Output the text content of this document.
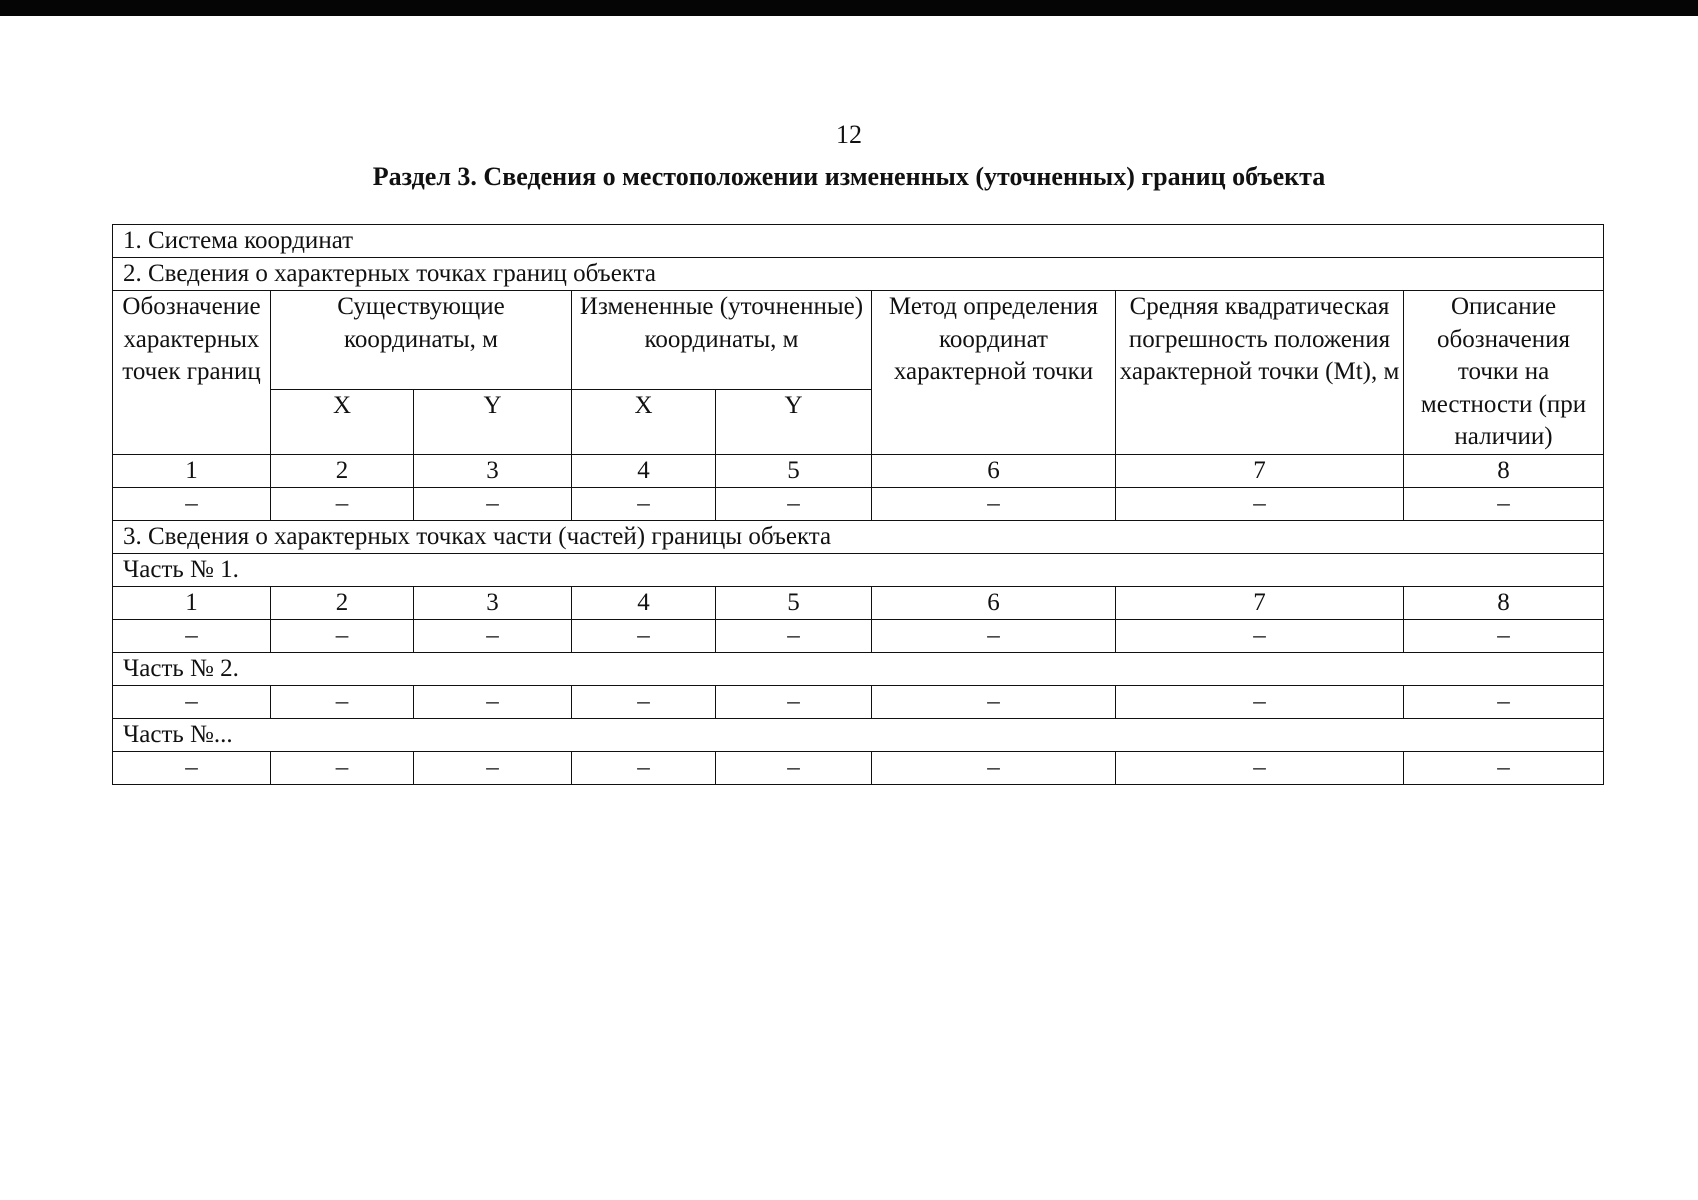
12
Раздел 3. Сведения о местоположении измененных (уточненных) границ объекта
1. Система координат							
2. Сведения о характерных точках границ объекта							
Обозначение характерных точек границ	Существующие координаты, м		Измененные (уточненные) координаты, м		Метод определения координат характерной точки	Средняя квадратическая погрешность положения характерной точки (Mt), м	Описание обозначения точки на местности (при наличии)
	X	Y	X	Y			
1	2	3	4	5	6	7	8
–	–	–	–	–	–	–	–
3. Сведения о характерных точках части (частей) границы объекта							
Часть № 1.							
1	2	3	4	5	6	7	8
–	–	–	–	–	–	–	–
Часть № 2.							
–	–	–	–	–	–	–	–
Часть №...							
–	–	–	–	–	–	–	–
